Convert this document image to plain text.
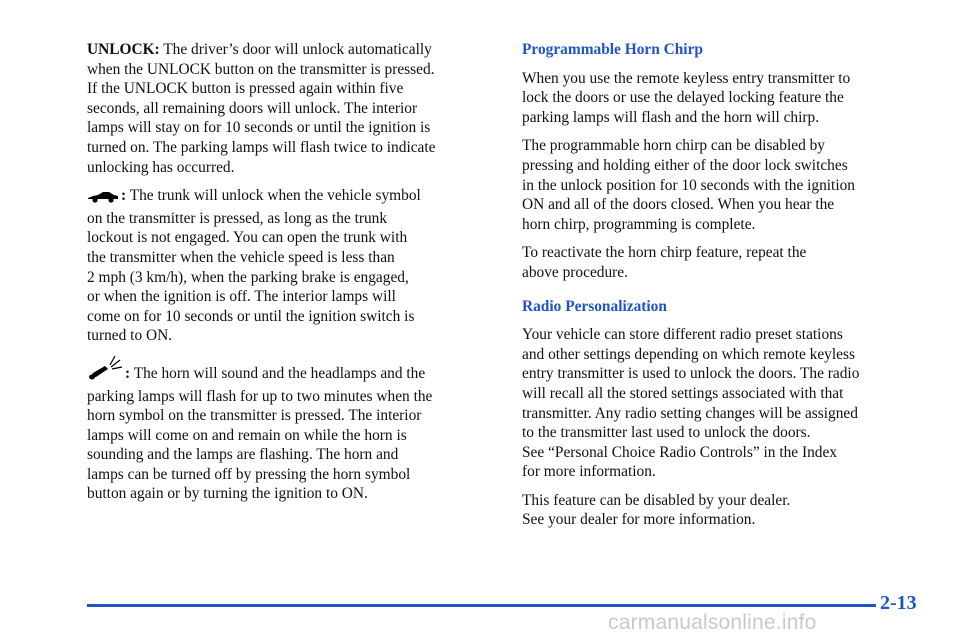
UNLOCK: The driver’s door will unlock automatically
when the UNLOCK button on the transmitter is pressed.
If the UNLOCK button is pressed again within five
seconds, all remaining doors will unlock. The interior
lamps will stay on for 10 seconds or until the ignition is
turned on. The parking lamps will flash twice to indicate
unlocking has occurred.

: The trunk will unlock when the vehicle symbol
on the transmitter is pressed, as long as the trunk
lockout is not engaged. You can open the trunk with
the transmitter when the vehicle speed is less than
2 mph (3 km/h), when the parking brake is engaged,
or when the ignition is off. The interior lamps will
come on for 10 seconds or until the ignition switch is
turned to ON.

: The horn will sound and the headlamps and the
parking lamps will flash for up to two minutes when the
horn symbol on the transmitter is pressed. The interior
lamps will come on and remain on while the horn is
sounding and the lamps are flashing. The horn and
lamps can be turned off by pressing the horn symbol
button again or by turning the ignition to ON.

Programmable Horn Chirp

When you use the remote keyless entry transmitter to
lock the doors or use the delayed locking feature the
parking lamps will flash and the horn will chirp.

The programmable horn chirp can be disabled by
pressing and holding either of the door lock switches
in the unlock position for 10 seconds with the ignition
ON and all of the doors closed. When you hear the
horn chirp, programming is complete.

To reactivate the horn chirp feature, repeat the
above procedure.

Radio Personalization

Your vehicle can store different radio preset stations
and other settings depending on which remote keyless
entry transmitter is used to unlock the doors. The radio
will recall all the stored settings associated with that
transmitter. Any radio setting changes will be assigned
to the transmitter last used to unlock the doors.
See “Personal Choice Radio Controls” in the Index
for more information.

This feature can be disabled by your dealer.
See your dealer for more information.

2-13
carmanualsonline.info
